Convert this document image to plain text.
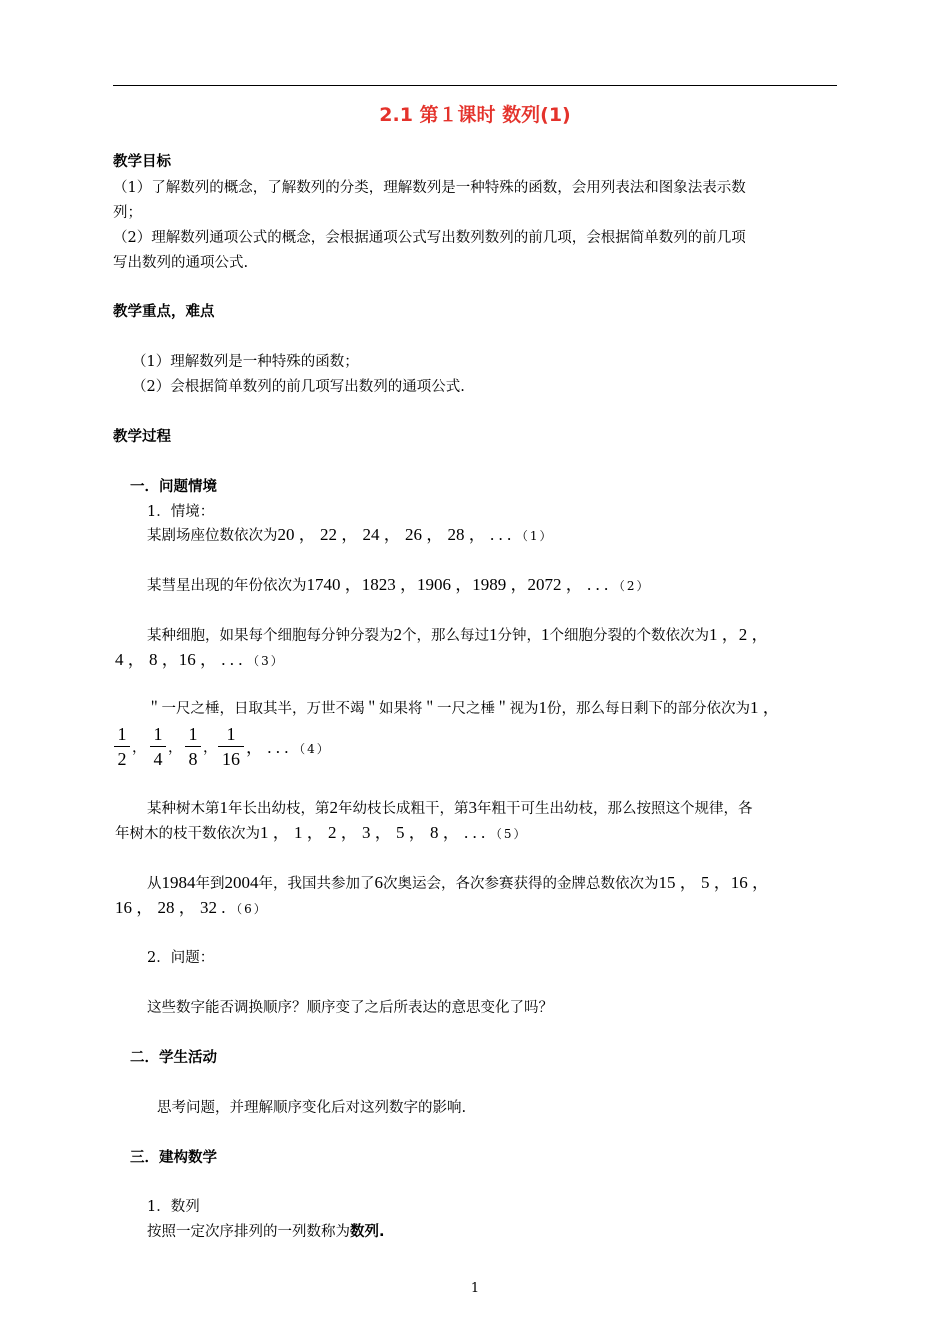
2.1 第１课时 数列(1)
教学目标
（1）了解数列的概念，了解数列的分类，理解数列是一种特殊的函数，会用列表法和图象法表示数
列；
（2）理解数列通项公式的概念，会根据通项公式写出数列数列的前几项，会根据简单数列的前几项
写出数列的通项公式.
教学重点，难点
（1）理解数列是一种特殊的函数；
（2）会根据简单数列的前几项写出数列的通项公式.
教学过程
一．问题情境
1．情境：
某剧场座位数依次为20 ， 22 ， 24 ， 26 ， 28 ， . . . （1）
某彗星出现的年份依次为1740 ，1823 ，1906 ，1989 ，2072 ， . . . （2）
某种细胞，如果每个细胞每分钟分裂为2个，那么每过1分钟，1个细胞分裂的个数依次为1 ，2 ，
4 ， 8 ，16 ， . . . （3）
＂一尺之棰，日取其半，万世不竭＂如果将＂一尺之棰＂视为1份，那么每日剩下的部分依次为1 ，
1
2
，
1
4
，
1
8
，
1
16
， . . . （4）
某种树木第1年长出幼枝，第2年幼枝长成粗干，第3年粗干可生出幼枝，那么按照这个规律，各
年树木的枝干数依次为1 ， 1 ， 2 ， 3 ， 5 ， 8 ， . . . （5）
从1984年到2004年，我国共参加了6次奥运会，各次参赛获得的金牌总数依次为15 ， 5 ，16 ，
16 ， 28 ， 32 . （6）
2．问题：
这些数字能否调换顺序？顺序变了之后所表达的意思变化了吗？
二．学生活动
思考问题，并理解顺序变化后对这列数字的影响.
三．建构数学
1．数列
按照一定次序排列的一列数称为数列.
1
